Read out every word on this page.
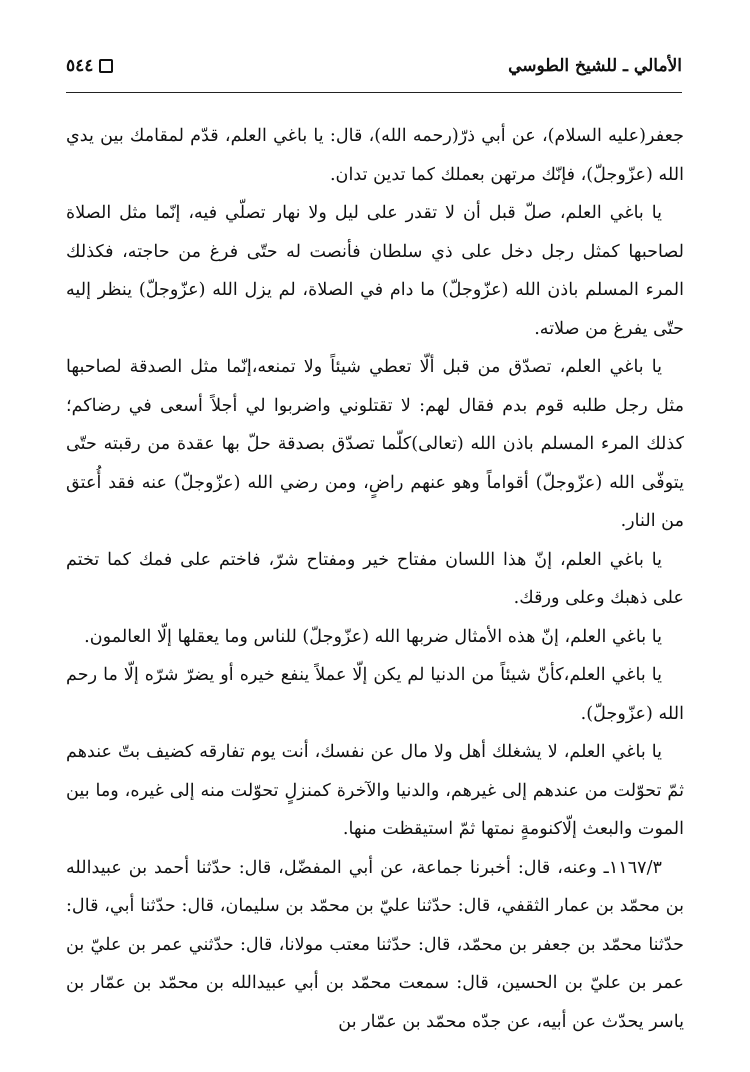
الأمالي ـ للشيخ الطوسي
٥٤٤

جعفر(عليه السلام)، عن أبي ذرّ(رحمه الله)، قال: يا باغي العلم، قدّم لمقامك بين يدي الله (عزّوجلّ)، فإنّك مرتهن بعملك كما تدين تدان.

يا باغي العلم، صلّ قبل أن لا تقدر على ليل ولا نهار تصلّي فيه، إنّما مثل الصلاة لصاحبها كمثل رجل دخل على ذي سلطان فأنصت له حتّى فرغ من حاجته، فكذلك المرء المسلم باذن الله (عزّوجلّ) ما دام في الصلاة، لم يزل الله (عزّوجلّ) ينظر إليه حتّى يفرغ من صلاته.

يا باغي العلم، تصدّق من قبل ألّا تعطي شيئاً ولا تمنعه،إنّما مثل الصدقة لصاحبها مثل رجل طلبه قوم بدم فقال لهم: لا تقتلوني واضربوا لي أجلاً أسعى في رضاكم؛كذلك المرء المسلم باذن الله (تعالى)كلّما تصدّق بصدقة حلّ بها عقدة من رقبته حتّى يتوفّى الله (عزّوجلّ) أقواماً وهو عنهم راضٍ، ومن رضي الله (عزّوجلّ) عنه فقد أُعتق من النار.

يا باغي العلم، إنّ هذا اللسان مفتاح خير ومفتاح شرّ، فاختم على فمك كما تختم على ذهبك وعلى ورقك.

يا باغي العلم، إنّ هذه الأمثال ضربها الله (عزّوجلّ) للناس وما يعقلها إلّا العالمون.

يا باغي العلم،كأنّ شيئاً من الدنيا لم يكن إلّا عملاً ينفع خيره أو يضرّ شرّه إلّا ما رحم الله (عزّوجلّ).

يا باغي العلم، لا يشغلك أهل ولا مال عن نفسك، أنت يوم تفارقه كضيف بتّ عندهم ثمّ تحوّلت من عندهم إلى غيرهم، والدنيا والآخرة كمنزلٍ تحوّلت منه إلى غيره، وما بين الموت والبعث إلّاكنومةٍ نمتها ثمّ استيقظت منها.

١١٦٧/٣ـ وعنه، قال: أخبرنا جماعة، عن أبي المفضّل، قال: حدّثنا أحمد بن عبيدالله بن محمّد بن عمار الثقفي، قال: حدّثنا عليّ بن محمّد بن سليمان، قال: حدّثنا أبي، قال: حدّثنا محمّد بن جعفر بن محمّد، قال: حدّثنا معتب مولانا، قال: حدّثني عمر بن عليّ بن عمر بن عليّ بن الحسين، قال: سمعت محمّد بن أبي عبيدالله بن محمّد بن عمّار بن ياسر يحدّث عن أبيه، عن جدّه محمّد بن عمّار بن
